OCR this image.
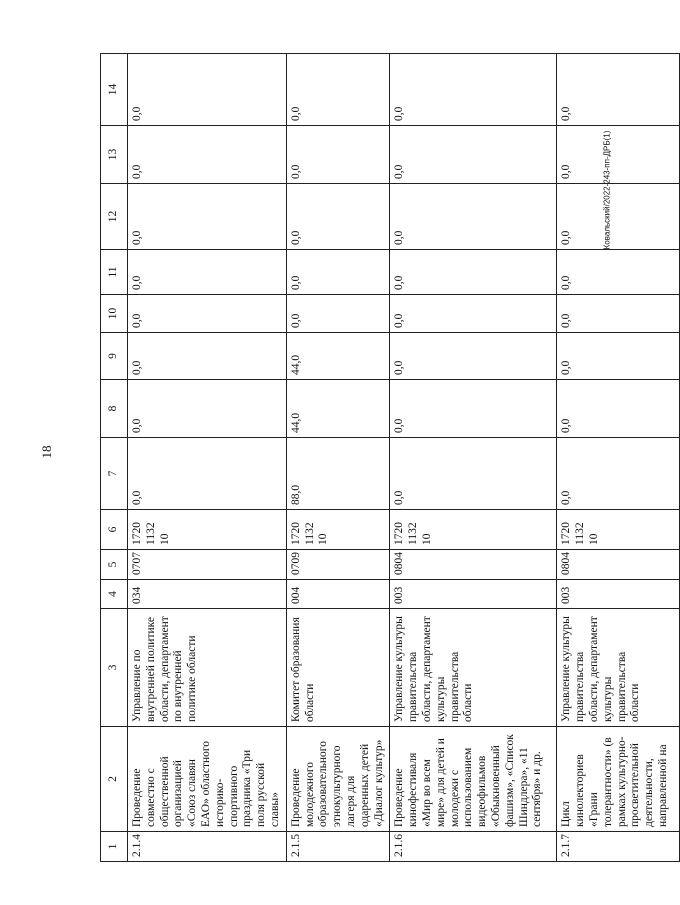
18
Ковальский/2022-243-пп-ДРБ(1)
1	2	3	4	5	6	7	8	9	10	11	12	13	14
2.1.4	Проведение совместно с общественной организацией «Союз славян ЕАО» областного историко-спортивного праздника «Три поля русской славы»	Управление по внутренней политике области, департамент по внутренней политике области	034	0707	1720 1132 10	0,0	0,0	0,0	0,0	0,0	0,0	0,0	0,0
2.1.5	Проведение молодежного образовательного этнокультурного лагеря для одаренных детей «Диалог культур»	Комитет образования области	004	0709	1720 1132 10	88,0	44,0	44,0	0,0	0,0	0,0	0,0	0,0
2.1.6	Проведение кинофестиваля «Мир во всем мире» для детей и молодежи с использованием видеофильмов «Обыкновенный фашизм», «Список Шиндлера», «11 сентября» и др.	Управление культуры правительства области, департамент культуры правительства области	003	0804	1720 1132 10	0,0	0,0	0,0	0,0	0,0	0,0	0,0	0,0
2.1.7	Цикл кинолекториев «Грани толерантности» (в рамках культурно-просветительной деятельности, направленной на	Управление культуры правительства области, департамент культуры правительства области	003	0804	1720 1132 10	0,0	0,0	0,0	0,0	0,0	0,0	0,0	0,0
